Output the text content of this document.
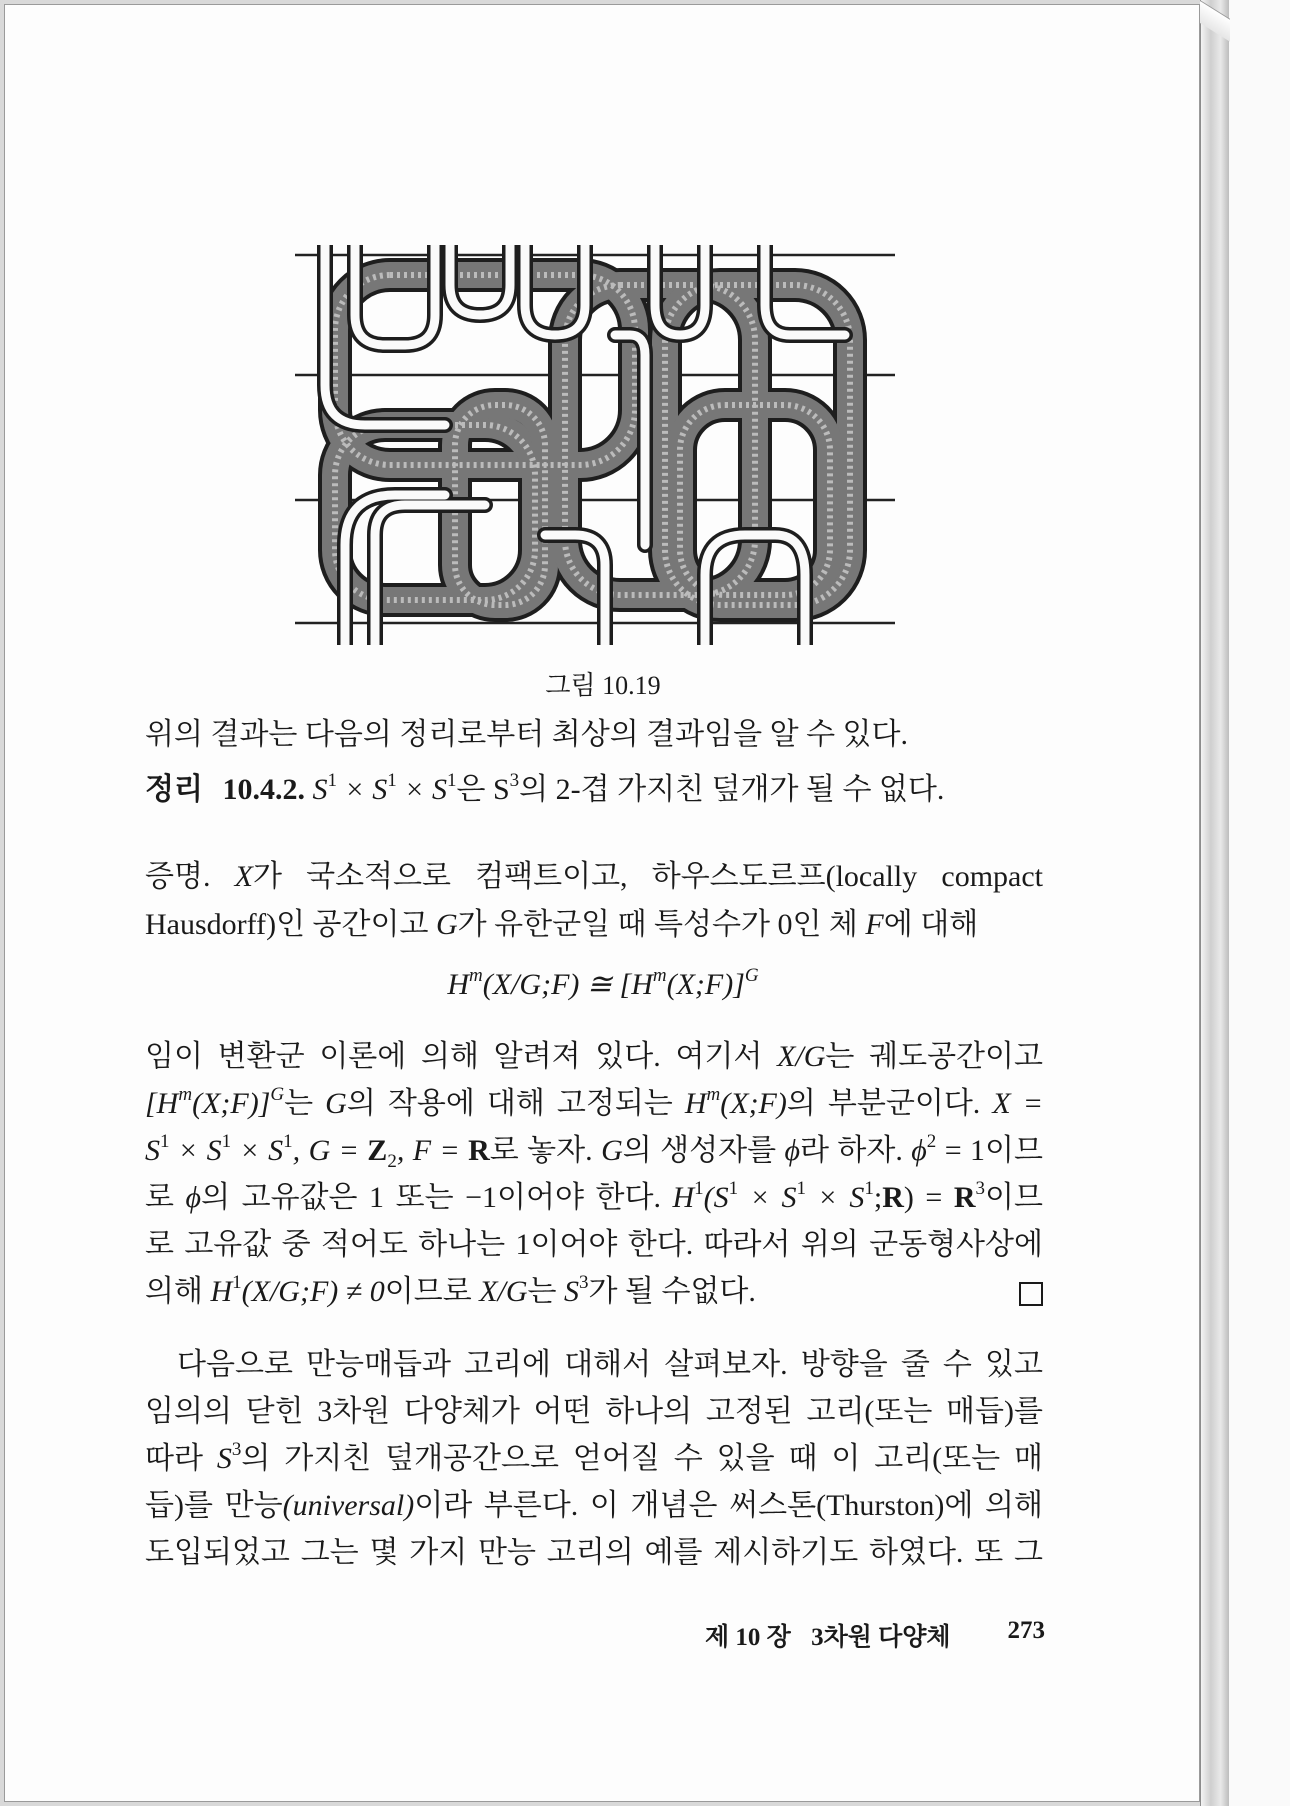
그림 10.19
위의 결과는 다음의 정리로부터 최상의 결과임을 알 수 있다.
정리 10.4.2. $S^1 \times S^1 \times S^1$은 $S^3$의 2-겹 가지친 덮개가 될 수 없다.
증명. X가 국소적으로 컴팩트이고, 하우스도르프(locally compact
Hausdorff)인 공간이고 G가 유한군일 때 특성수가 0인 체 F에 대해
$H^m(X/G;F)$ ≅ $[H^m(X;F)]^G$
임이 변환군 이론에 의해 알려져 있다. 여기서 X/G는 궤도공간이고
$[H^m(X;F)]^G$는 G의 작용에 대해 고정되는 $H^m(X;F)$의 부분군이다. X =
$S^1 \times S^1 \times S^1$, $G = Z_2$, F = R로 놓자. G의 생성자를 ϕ라 하자. $\phi^2 = 1$이므
로 ϕ의 고유값은 1 또는 −1이어야 한다. $H^1(S^1 \times S^1$ × $S^1;R) = R^3$이므
로 고유값 중 적어도 하나는 1이어야 한다. 따라서 위의 군동형사상에
의해 $H^1(X/G;F) \ne 0$이므로 X/G는 $S^3$가 될 수없다.
다음으로 만능매듭과 고리에 대해서 살펴보자. 방향을 줄 수 있고
임의의 닫힌 3차원 다양체가 어떤 하나의 고정된 고리(또는 매듭)를
따라 $S^3$의 가지친 덮개공간으로 얻어질 수 있을 때 이 고리(또는 매
듭)를 만능(universal)이라 부른다. 이 개념은 써스톤(Thurston)에 의해
도입되었고 그는 몇 가지 만능 고리의 예를 제시하기도 하였다. 또 그
제 10 장 3차원 다양체 273
